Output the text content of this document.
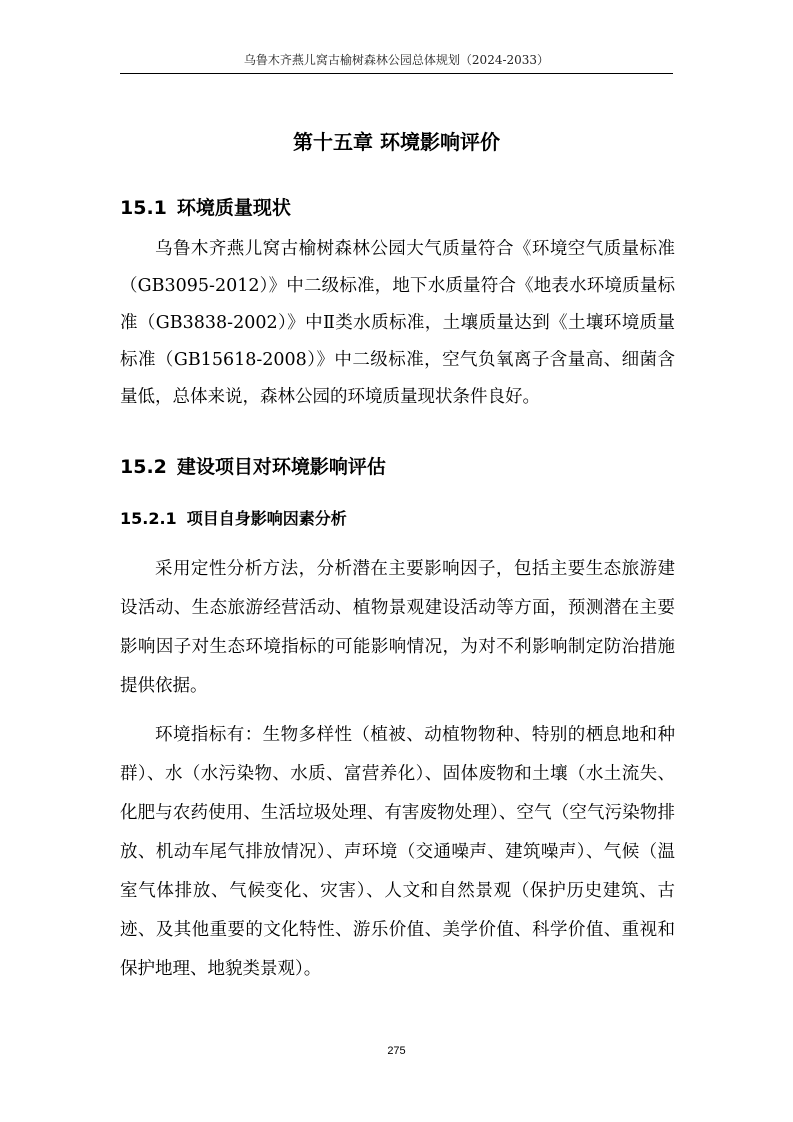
乌鲁木齐燕儿窝古榆树森林公园总体规划（2024-2033）
第十五章 环境影响评价
15.1 环境质量现状

乌鲁木齐燕儿窝古榆树森林公园大气质量符合《环境空气质量标准（GB3095-2012）》中二级标准，地下水质量符合《地表水环境质量标准（GB3838-2002）》中Ⅱ类水质标准，土壤质量达到《土壤环境质量标准（GB15618-2008）》中二级标准，空气负氧离子含量高、细菌含量低，总体来说，森林公园的环境质量现状条件良好。

15.2 建设项目对环境影响评估
15.2.1 项目自身影响因素分析

采用定性分析方法，分析潜在主要影响因子，包括主要生态旅游建设活动、生态旅游经营活动、植物景观建设活动等方面，预测潜在主要影响因子对生态环境指标的可能影响情况，为对不利影响制定防治措施提供依据。

环境指标有：生物多样性（植被、动植物物种、特别的栖息地和种群）、水（水污染物、水质、富营养化）、固体废物和土壤（水土流失、化肥与农药使用、生活垃圾处理、有害废物处理）、空气（空气污染物排放、机动车尾气排放情况）、声环境（交通噪声、建筑噪声）、气候（温室气体排放、气候变化、灾害）、人文和自然景观（保护历史建筑、古迹、及其他重要的文化特性、游乐价值、美学价值、科学价值、重视和保护地理、地貌类景观）。

275
